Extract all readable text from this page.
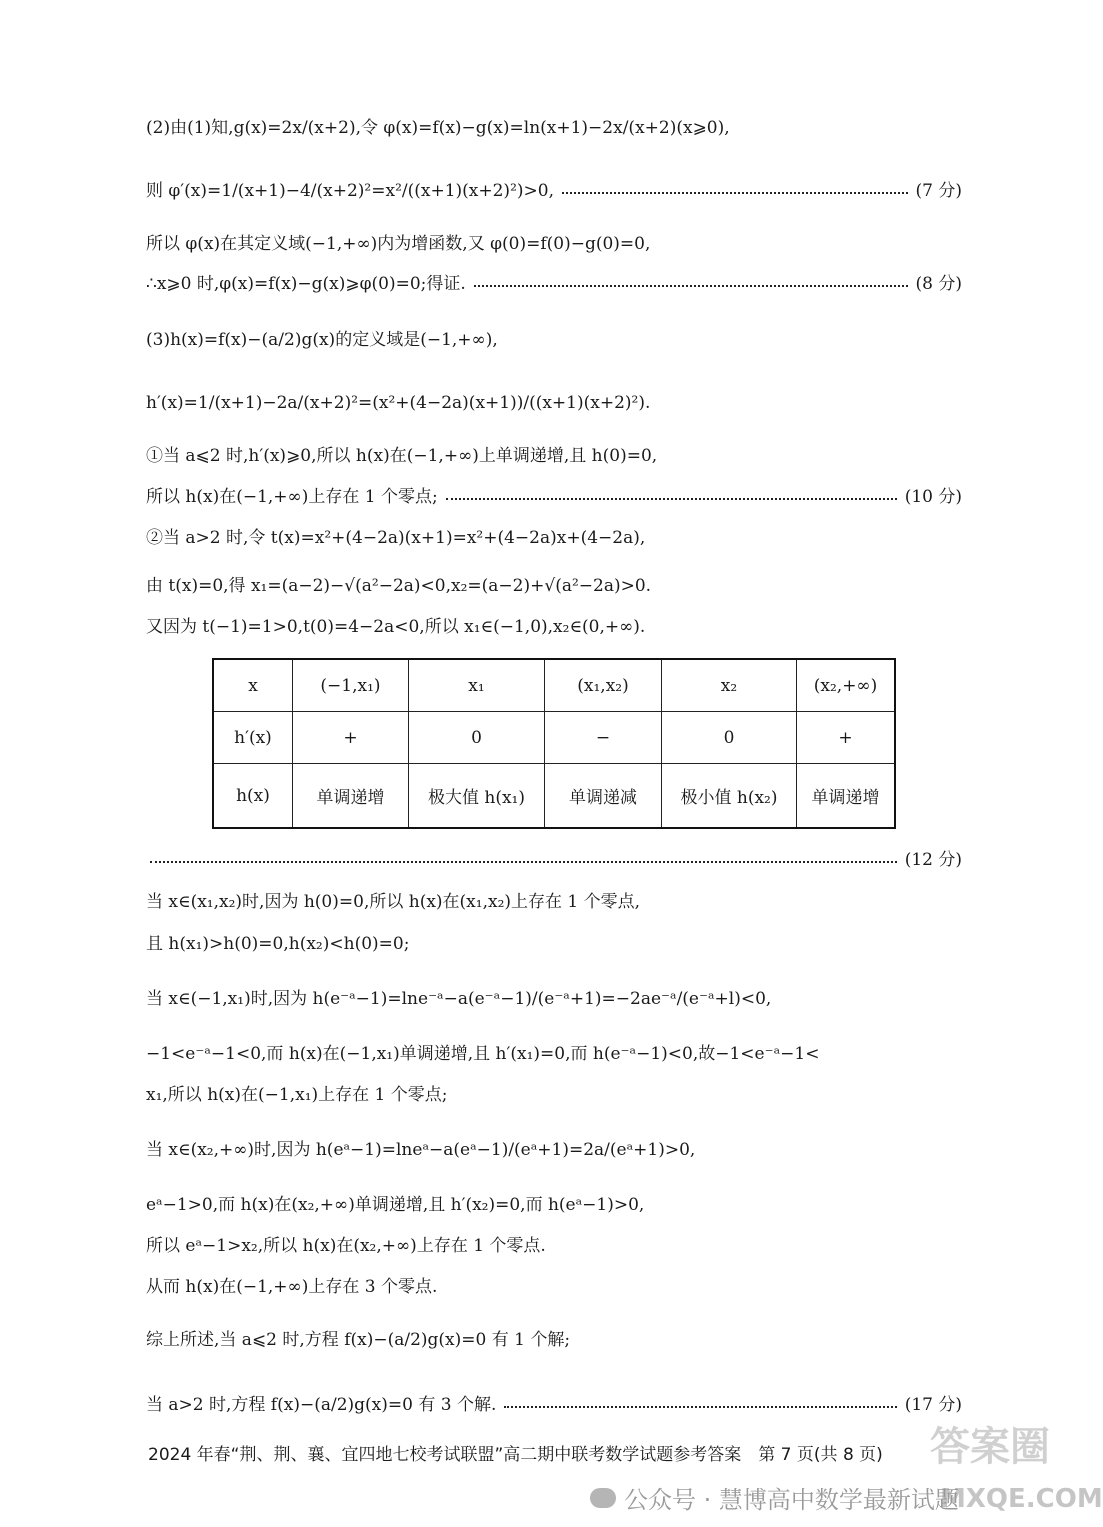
(2)由(1)知,g(x)=2x/(x+2),令 φ(x)=f(x)−g(x)=ln(x+1)−2x/(x+2)(x⩾0),
则 φ′(x)=1/(x+1)−4/(x+2)²=x²/((x+1)(x+2)²)>0,	(7 分)
所以 φ(x)在其定义域(−1,+∞)内为增函数,又 φ(0)=f(0)−g(0)=0,
∴x⩾0 时,φ(x)=f(x)−g(x)⩾φ(0)=0;得证.	(8 分)
(3)h(x)=f(x)−(a/2)g(x)的定义域是(−1,+∞),
h′(x)=1/(x+1)−2a/(x+2)²=(x²+(4−2a)(x+1))/((x+1)(x+2)²).
①当 a⩽2 时,h′(x)⩾0,所以 h(x)在(−1,+∞)上单调递增,且 h(0)=0,
所以 h(x)在(−1,+∞)上存在 1 个零点;	(10 分)
②当 a>2 时,令 t(x)=x²+(4−2a)(x+1)=x²+(4−2a)x+(4−2a),
由 t(x)=0,得 x₁=(a−2)−√(a²−2a)<0,x₂=(a−2)+√(a²−2a)>0.
又因为 t(−1)=1>0,t(0)=4−2a<0,所以 x₁∈(−1,0),x₂∈(0,+∞).
x	(−1,x₁)	x₁	(x₁,x₂)	x₂	(x₂,+∞)
h′(x)	+	0	−	0	+
h(x)	单调递增	极大值 h(x₁)	单调递减	极小值 h(x₂)	单调递增
(12 分)
当 x∈(x₁,x₂)时,因为 h(0)=0,所以 h(x)在(x₁,x₂)上存在 1 个零点,
且 h(x₁)>h(0)=0,h(x₂)<h(0)=0;
当 x∈(−1,x₁)时,因为 h(e⁻ᵃ−1)=lne⁻ᵃ−a(e⁻ᵃ−1)/(e⁻ᵃ+1)=−2ae⁻ᵃ/(e⁻ᵃ+l)<0,
−1<e⁻ᵃ−1<0,而 h(x)在(−1,x₁)单调递增,且 h′(x₁)=0,而 h(e⁻ᵃ−1)<0,故−1<e⁻ᵃ−1<
x₁,所以 h(x)在(−1,x₁)上存在 1 个零点;
当 x∈(x₂,+∞)时,因为 h(eᵃ−1)=lneᵃ−a(eᵃ−1)/(eᵃ+1)=2a/(eᵃ+1)>0,
eᵃ−1>0,而 h(x)在(x₂,+∞)单调递增,且 h′(x₂)=0,而 h(eᵃ−1)>0,
所以 eᵃ−1>x₂,所以 h(x)在(x₂,+∞)上存在 1 个零点.
从而 h(x)在(−1,+∞)上存在 3 个零点.
综上所述,当 a⩽2 时,方程 f(x)−(a/2)g(x)=0 有 1 个解;
当 a>2 时,方程 f(x)−(a/2)g(x)=0 有 3 个解.	(17 分)
2024 年春“荆、荆、襄、宜四地七校考试联盟”高二期中联考数学试题参考答案　第 7 页(共 8 页) 答案圈
公众号 · 慧博高中数学最新试题
MXQE.COM
